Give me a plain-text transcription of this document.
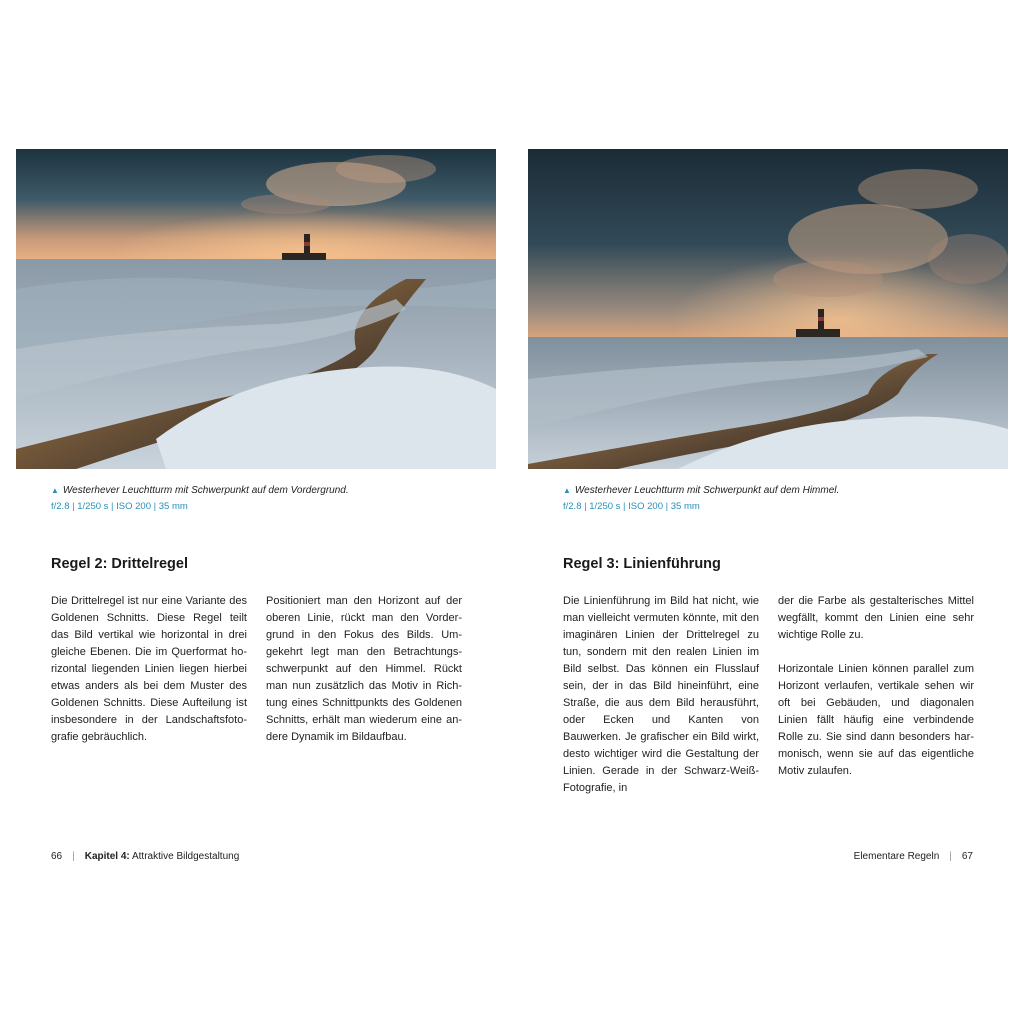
▲ Westerhever Leuchtturm mit Schwerpunkt auf dem Vordergrund.
f/2.8 | 1/250 s | ISO 200 | 35 mm
Regel 2: Drittelregel

Die Drittelregel ist nur eine Variante des Goldenen Schnitts. Diese Regel teilt das Bild vertikal wie horizontal in drei gleiche Ebenen. Die im Querformat horizontal liegenden Linien liegen hierbei etwas anders als bei dem Muster des Goldenen Schnitts. Diese Aufteilung ist insbesondere in der Landschaftsfotografie gebräuchlich.

Positioniert man den Horizont auf der oberen Linie, rückt man den Vordergrund in den Fokus des Bilds. Umgekehrt legt man den Betrachtungsschwerpunkt auf den Himmel. Rückt man nun zusätzlich das Motiv in Richtung eines Schnittpunkts des Goldenen Schnitts, erhält man wiederum eine andere Dynamik im Bildaufbau.

66 | Kapitel 4: Attraktive Bildgestaltung
▲ Westerhever Leuchtturm mit Schwerpunkt auf dem Himmel.
f/2.8 | 1/250 s | ISO 200 | 35 mm
Regel 3: Linienführung

Die Linienführung im Bild hat nicht, wie man vielleicht vermuten könnte, mit den imaginären Linien der Drittelregel zu tun, sondern mit den realen Linien im Bild selbst. Das können ein Flusslauf sein, der in das Bild hineinführt, eine Straße, die aus dem Bild herausführt, oder Ecken und Kanten von Bauwerken. Je grafischer ein Bild wirkt, desto wichtiger wird die Gestaltung der Linien. Gerade in der Schwarz-Weiß-Fotografie, in

der die Farbe als gestalterisches Mittel wegfällt, kommt den Linien eine sehr wichtige Rolle zu.

Horizontale Linien können parallel zum Horizont verlaufen, vertikale sehen wir oft bei Gebäuden, und diagonalen Linien fällt häufig eine verbindende Rolle zu. Sie sind dann besonders harmonisch, wenn sie auf das eigentliche Motiv zulaufen.

Elementare Regeln | 67
